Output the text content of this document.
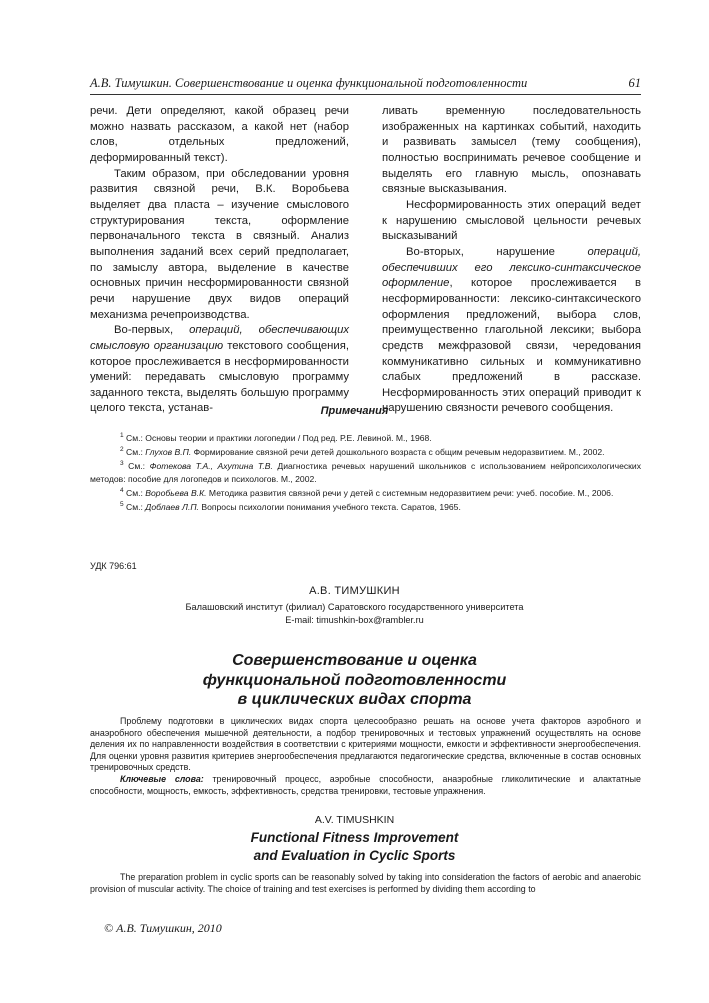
А.В. Тимушкин. Совершенствование и оценка функциональной подготовленности	61

речи. Дети определяют, какой образец речи можно назвать рассказом, а какой нет (набор слов, отдельных предложений, деформированный текст).

Таким образом, при обследовании уровня развития связной речи, В.К. Воробьева выделяет два пласта – изучение смыслового структурирования текста, оформление первоначального текста в связный. Анализ выполнения заданий всех серий предполагает, по замыслу автора, выделение в качестве основных причин несформированности связной речи нарушение двух видов операций механизма речепроизводства.

Во-первых, операций, обеспечивающих смысловую организацию текстового сообщения, которое прослеживается в несформированности умений: передавать смысловую программу заданного текста, выделять большую программу целого текста, устанав-

ливать временную последовательность изображенных на картинках событий, находить и развивать замысел (тему сообщения), полностью воспринимать речевое сообщение и выделять его главную мысль, опознавать связные высказывания.

Несформированность этих операций ведет к нарушению смысловой цельности речевых высказываний

Во-вторых, нарушение операций, обеспечивших его лексико-синтаксическое оформление, которое прослеживается в несформированности: лексико-синтаксического оформления предложений, выбора слов, преимущественно глагольной лексики; выбора средств межфразовой связи, чередования коммуникативно сильных и коммуникативно слабых предложений в рассказе. Несформированность этих операций приводит к нарушению связности речевого сообщения.

Примечания

$^1$ См.: Основы теории и практики логопедии / Под ред. Р.Е. Левиной. М., 1968.

$^2$ См.: Глухов В.П. Формирование связной речи детей дошкольного возраста с общим речевым недоразвитием. М., 2002.

$^3$ См.: Фотекова Т.А., Ахутина Т.В. Диагностика речевых нарушений школьников с использованием нейропсихологических методов: пособие для логопедов и психологов. М., 2002.

$^4$ См.: Воробьева В.К. Методика развития связной речи у детей с системным недоразвитием речи: учеб. пособие. М., 2006.

$^5$ См.: Доблаев Л.П. Вопросы психологии понимания учебного текста. Саратов, 1965.

УДК 796:61
А.В. ТИМУШКИН
Балашовский институт (филиал) Саратовского государственного университета
E-mail: timushkin-box@rambler.ru
Совершенствование и оценка
функциональной подготовленности
в циклических видах спорта

Проблему подготовки в циклических видах спорта целесообразно решать на основе учета факторов аэробного и анаэробного обеспечения мышечной деятельности, а подбор тренировочных и тестовых упражнений осуществлять на основе деления их по направленности воздействия в соответствии с критериями мощности, емкости и эффективности энергообеспечения. Для оценки уровня развития критериев энергообеспечения предлагаются педагогические средства, включенные в состав основных тренировочных средств.

Ключевые слова: тренировочный процесс, аэробные способности, анаэробные гликолитические и алактатные способности, мощность, емкость, эффективность, средства тренировки, тестовые упражнения.

A.V. TIMUSHKIN
Functional Fitness Improvement
and Evaluation in Cyclic Sports

The preparation problem in cyclic sports can be reasonably solved by taking into consideration the factors of aerobic and anaerobic provision of muscular activity. The choice of training and test exercises is performed by dividing them according to

© А.В. Тимушкин, 2010
